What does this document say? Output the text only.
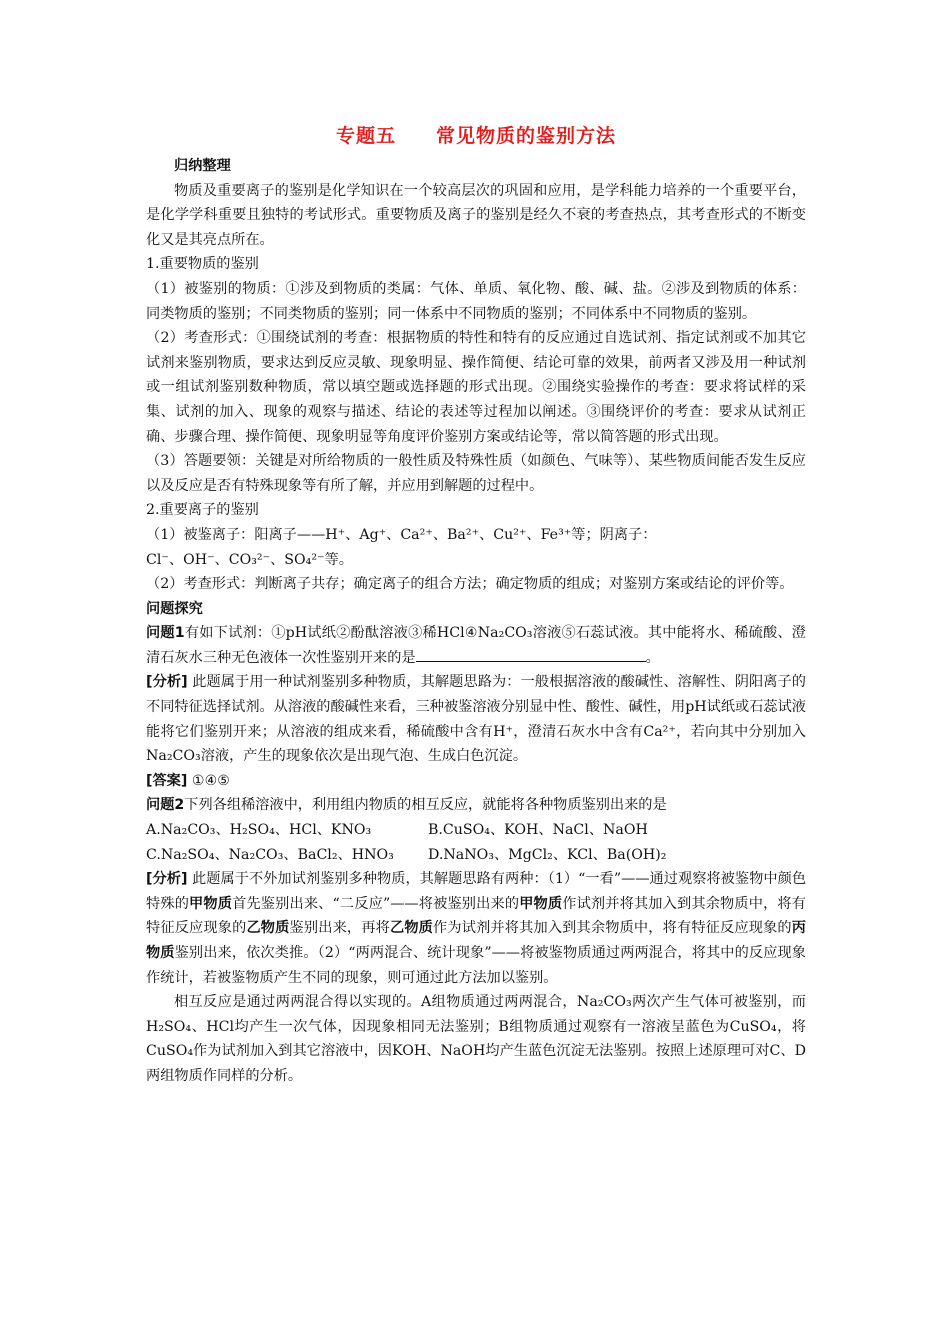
专题五 常见物质的鉴别方法

归纳整理

物质及重要离子的鉴别是化学知识在一个较高层次的巩固和应用，是学科能力培养的一个重要平台，是化学学科重要且独特的考试形式。重要物质及离子的鉴别是经久不衰的考查热点，其考查形式的不断变化又是其亮点所在。

1.重要物质的鉴别

（1）被鉴别的物质：①涉及到物质的类属：气体、单质、氧化物、酸、碱、盐。②涉及到物质的体系：同类物质的鉴别；不同类物质的鉴别；同一体系中不同物质的鉴别；不同体系中不同物质的鉴别。

（2）考查形式：①围绕试剂的考查：根据物质的特性和特有的反应通过自选试剂、指定试剂或不加其它试剂来鉴别物质，要求达到反应灵敏、现象明显、操作简便、结论可靠的效果，前两者又涉及用一种试剂或一组试剂鉴别数种物质，常以填空题或选择题的形式出现。②围绕实验操作的考查：要求将试样的采集、试剂的加入、现象的观察与描述、结论的表述等过程加以阐述。③围绕评价的考查：要求从试剂正确、步骤合理、操作简便、现象明显等角度评价鉴别方案或结论等，常以简答题的形式出现。

（3）答题要领：关键是对所给物质的一般性质及特殊性质（如颜色、气味等）、某些物质间能否发生反应以及反应是否有特殊现象等有所了解，并应用到解题的过程中。

2.重要离子的鉴别

（1）被鉴离子：阳离子——H⁺、Ag⁺、Ca²⁺、Ba²⁺、Cu²⁺、Fe³⁺等；阴离子：

Cl⁻、OH⁻、CO₃²⁻、SO₄²⁻等。

（2）考查形式：判断离子共存；确定离子的组合方法；确定物质的组成；对鉴别方案或结论的评价等。

问题探究

问题1有如下试剂：①pH试纸②酚酞溶液③稀HCl④Na₂CO₃溶液⑤石蕊试液。其中能将水、稀硫酸、澄清石灰水三种无色液体一次性鉴别开来的是	。

[分析] 此题属于用一种试剂鉴别多种物质，其解题思路为：一般根据溶液的酸碱性、溶解性、阴阳离子的不同特征选择试剂。从溶液的酸碱性来看，三种被鉴溶液分别显中性、酸性、碱性，用pH试纸或石蕊试液能将它们鉴别开来；从溶液的组成来看，稀硫酸中含有H⁺，澄清石灰水中含有Ca²⁺，若向其中分别加入Na₂CO₃溶液，产生的现象依次是出现气泡、生成白色沉淀。

[答案] ①④⑤

问题2下列各组稀溶液中，利用组内物质的相互反应，就能将各种物质鉴别出来的是

A.Na₂CO₃、H₂SO₄、HCl、KNO₃	B.CuSO₄、KOH、NaCl、NaOH
C.Na₂SO₄、Na₂CO₃、BaCl₂、HNO₃	D.NaNO₃、MgCl₂、KCl、Ba(OH)₂

[分析] 此题属于不外加试剂鉴别多种物质，其解题思路有两种：（1）“一看”——通过观察将被鉴物中颜色特殊的甲物质首先鉴别出来、“二反应”——将被鉴别出来的甲物质作试剂并将其加入到其余物质中，将有特征反应现象的乙物质鉴别出来，再将乙物质作为试剂并将其加入到其余物质中，将有特征反应现象的丙物质鉴别出来，依次类推。（2）“两两混合、统计现象”——将被鉴物质通过两两混合，将其中的反应现象作统计，若被鉴物质产生不同的现象，则可通过此方法加以鉴别。

相互反应是通过两两混合得以实现的。A组物质通过两两混合，Na₂CO₃两次产生气体可被鉴别，而H₂SO₄、HCl均产生一次气体，因现象相同无法鉴别；B组物质通过观察有一溶液呈蓝色为CuSO₄，将CuSO₄作为试剂加入到其它溶液中，因KOH、NaOH均产生蓝色沉淀无法鉴别。按照上述原理可对C、D两组物质作同样的分析。
